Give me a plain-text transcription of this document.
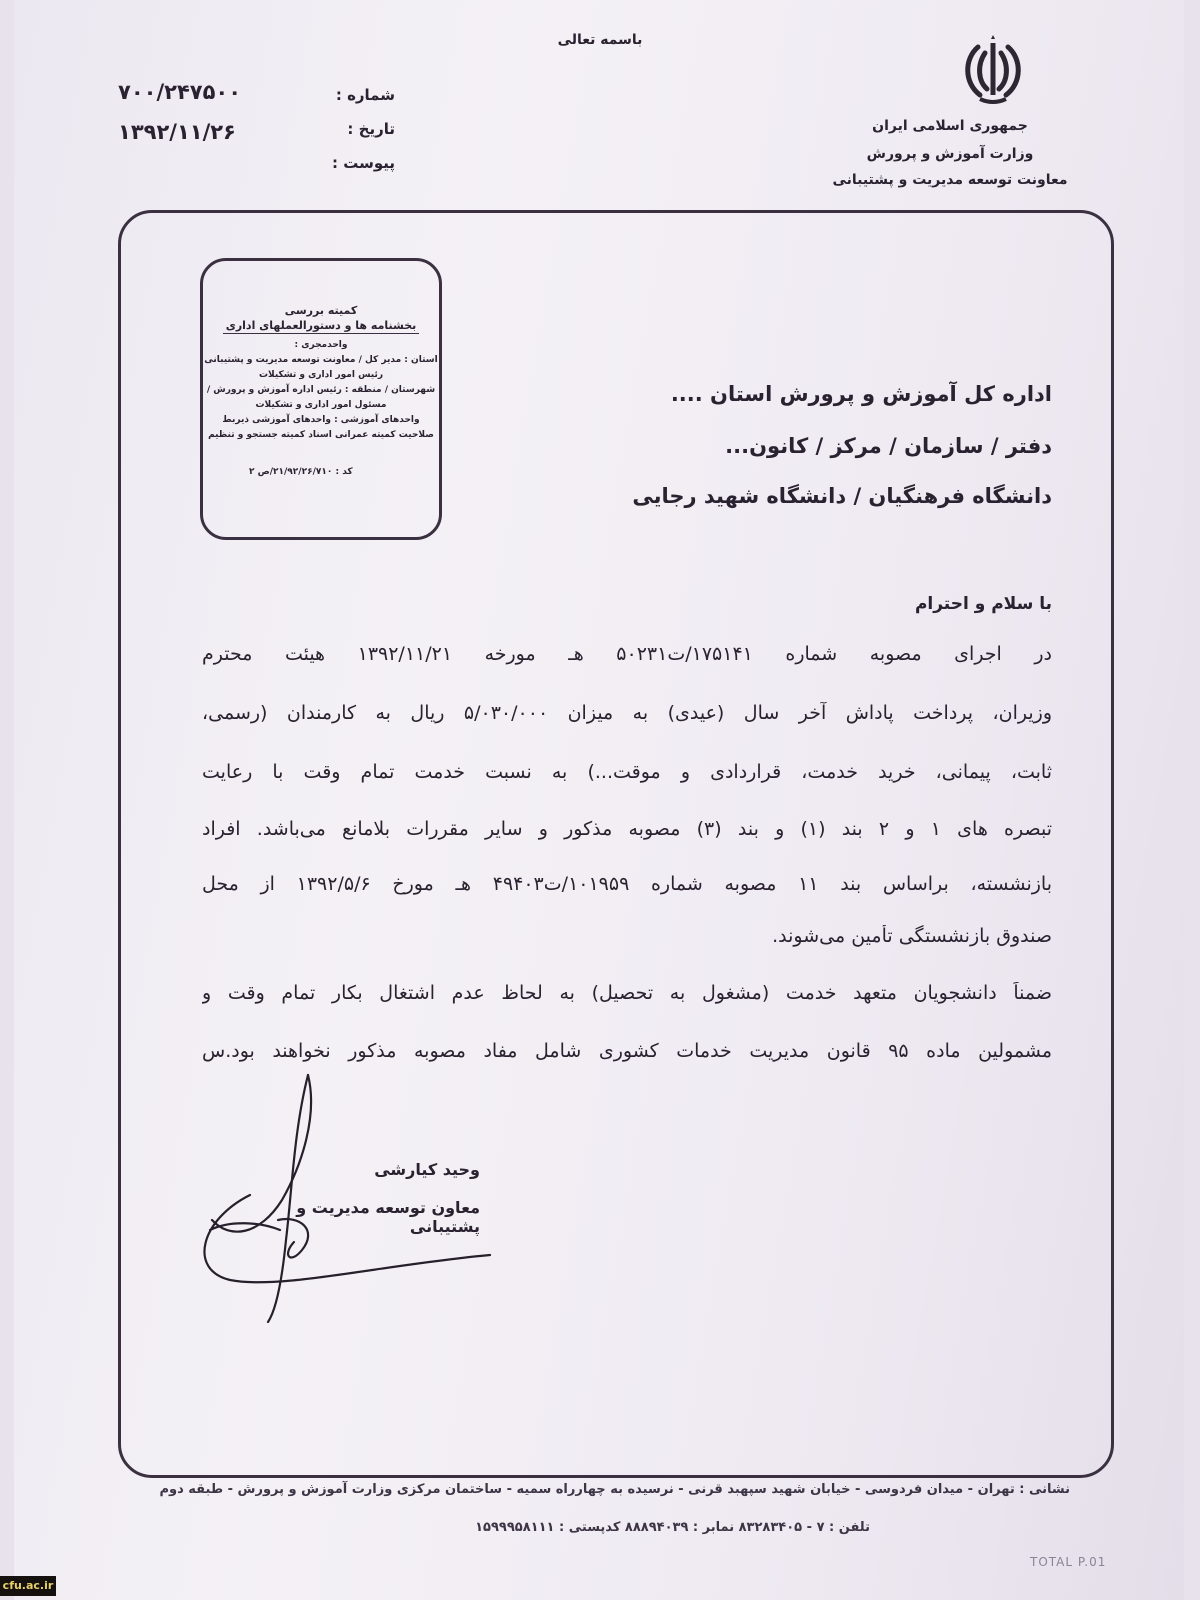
باسمه تعالی
جمهوری اسلامی ایران
وزارت آموزش و پرورش
معاونت توسعه مدیریت و پشتیبانی
شماره :
تاریخ :
پیوست :
۷۰۰/۲۴۷۵۰۰
۱۳۹۲/۱۱/۲۶
کمیته بررسی
بخشنامه ها و دستورالعملهای اداری
واحدمجری :
استان : مدیر کل / معاونت توسعه مدیریت و پشتیبانی
رئیس امور اداری و تشکیلات
شهرستان / منطقه : رئیس اداره آموزش و پرورش /
مسئول امور اداری و تشکیلات
واحدهای آموزشی : واحدهای آموزشی ذیربط
صلاحیت کمیته عمرانی اسناد کمیته جستجو و تنظیم
کد : ۲۱/۹۲/۲۶/۷۱۰/ص ۲
اداره کل آموزش و پرورش استان ....
دفتر / سازمان / مرکز / کانون...
دانشگاه فرهنگیان / دانشگاه شهید رجایی
با سلام و احترام
در اجرای مصوبه شماره ۱۷۵۱۴۱/ت۵۰۲۳۱ هـ مورخه ۱۳۹۲/۱۱/۲۱ هیئت محترم
وزیران، پرداخت پاداش آخر سال (عیدی) به میزان ۵/۰۳۰/۰۰۰ ریال به کارمندان (رسمی،
ثابت، پیمانی، خرید خدمت، قراردادی و موقت...) به نسبت خدمت تمام وقت با رعایت
تبصره های ۱ و ۲ بند (۱) و بند (۳) مصوبه مذکور و سایر مقررات بلامانع می‌باشد. افراد
بازنشسته، براساس بند ۱۱ مصوبه شماره ۱۰۱۹۵۹/ت۴۹۴۰۳ هـ مورخ ۱۳۹۲/۵/۶ از محل
صندوق بازنشستگی تأمین می‌شوند.
ضمناً دانشجویان متعهد خدمت (مشغول به تحصیل) به لحاظ عدم اشتغال بکار تمام وقت و
مشمولین ماده ۹۵ قانون مدیریت خدمات کشوری شامل مفاد مصوبه مذکور نخواهند بود.س
وحید کیارشی
معاون توسعه مدیریت و پشتیبانی
نشانی : تهران - میدان فردوسی - خیابان شهید سپهبد قرنی - نرسیده به چهارراه سمیه - ساختمان مرکزی وزارت آموزش و پرورش - طبقه دوم
تلفن : ۷ - ۸۳۲۸۳۴۰۵ نمابر : ۸۸۸۹۴۰۳۹ کدپستی : ۱۵۹۹۹۵۸۱۱۱
TOTAL P.01
cfu.ac.ir
